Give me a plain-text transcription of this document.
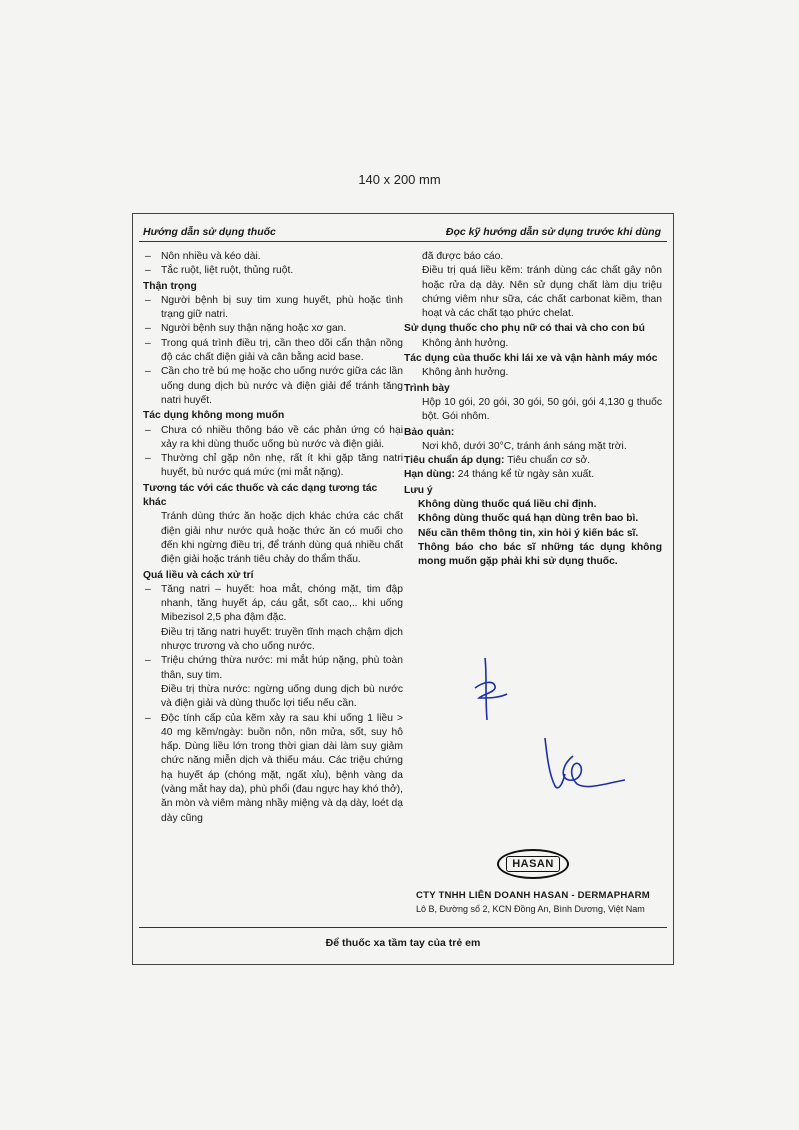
140 x 200 mm
Hướng dẫn sử dụng thuốc	Đọc kỹ hướng dẫn sử dụng trước khi dùng
– Nôn nhiều và kéo dài.
– Tắc ruột, liệt ruột, thủng ruột.
Thận trọng
– Người bệnh bị suy tim xung huyết, phù hoặc tình trạng giữ natri.
– Người bệnh suy thận nặng hoặc xơ gan.
– Trong quá trình điều trị, cần theo dõi cẩn thận nồng độ các chất điện giải và cân bằng acid base.
– Cần cho trẻ bú mẹ hoặc cho uống nước giữa các lần uống dung dịch bù nước và điện giải để tránh tăng natri huyết.
Tác dụng không mong muốn
– Chưa có nhiều thông báo về các phản ứng có hại xảy ra khi dùng thuốc uống bù nước và điện giải.
– Thường chỉ gặp nôn nhẹ, rất ít khi gặp tăng natri huyết, bù nước quá mức (mi mắt nặng).
Tương tác với các thuốc và các dạng tương tác khác
Tránh dùng thức ăn hoặc dịch khác chứa các chất điện giải như nước quả hoặc thức ăn có muối cho đến khi ngừng điều trị, để tránh dùng quá nhiều chất điện giải hoặc tránh tiêu chảy do thẩm thấu.
Quá liều và cách xử trí
– Tăng natri – huyết: hoa mắt, chóng mặt, tim đập nhanh, tăng huyết áp, cáu gắt, sốt cao,.. khi uống Mibezisol 2,5 pha đậm đặc.
Điều trị tăng natri huyết: truyền tĩnh mạch chậm dịch nhược trương và cho uống nước.
– Triệu chứng thừa nước: mi mắt húp nặng, phù toàn thân, suy tim.
Điều trị thừa nước: ngừng uống dung dịch bù nước và điện giải và dùng thuốc lợi tiểu nếu cần.
– Độc tính cấp của kẽm xảy ra sau khi uống 1 liều > 40 mg kẽm/ngày: buồn nôn, nôn mửa, sốt, suy hô hấp. Dùng liều lớn trong thời gian dài làm suy giảm chức năng miễn dịch và thiếu máu. Các triệu chứng hạ huyết áp (chóng mặt, ngất xỉu), bệnh vàng da (vàng mắt hay da), phù phổi (đau ngực hay khó thở), ăn mòn và viêm màng nhầy miệng và dạ dày, loét dạ dày cũng
đã được báo cáo.
Điều trị quá liều kẽm: tránh dùng các chất gây nôn hoặc rửa dạ dày. Nên sử dụng chất làm dịu triệu chứng viêm như sữa, các chất carbonat kiềm, than hoạt và các chất tạo phức chelat.
Sử dụng thuốc cho phụ nữ có thai và cho con bú
Không ảnh hưởng.
Tác dụng của thuốc khi lái xe và vận hành máy móc
Không ảnh hưởng.
Trình bày
Hộp 10 gói, 20 gói, 30 gói, 50 gói, gói 4,130 g thuốc bột. Gói nhôm.
Bảo quản:
Nơi khô, dưới 30°C, tránh ánh sáng mặt trời.
Tiêu chuẩn áp dụng: Tiêu chuẩn cơ sở.
Hạn dùng: 24 tháng kể từ ngày sản xuất.
Lưu ý
Không dùng thuốc quá liều chỉ định.
Không dùng thuốc quá hạn dùng trên bao bì.
Nếu cần thêm thông tin, xin hỏi ý kiến bác sĩ.
Thông báo cho bác sĩ những tác dụng không mong muốn gặp phải khi sử dụng thuốc.
HASAN
CTY TNHH LIÊN DOANH HASAN - DERMAPHARM
Lô B, Đường số 2, KCN Đồng An, Bình Dương, Việt Nam
Để thuốc xa tầm tay của trẻ em
